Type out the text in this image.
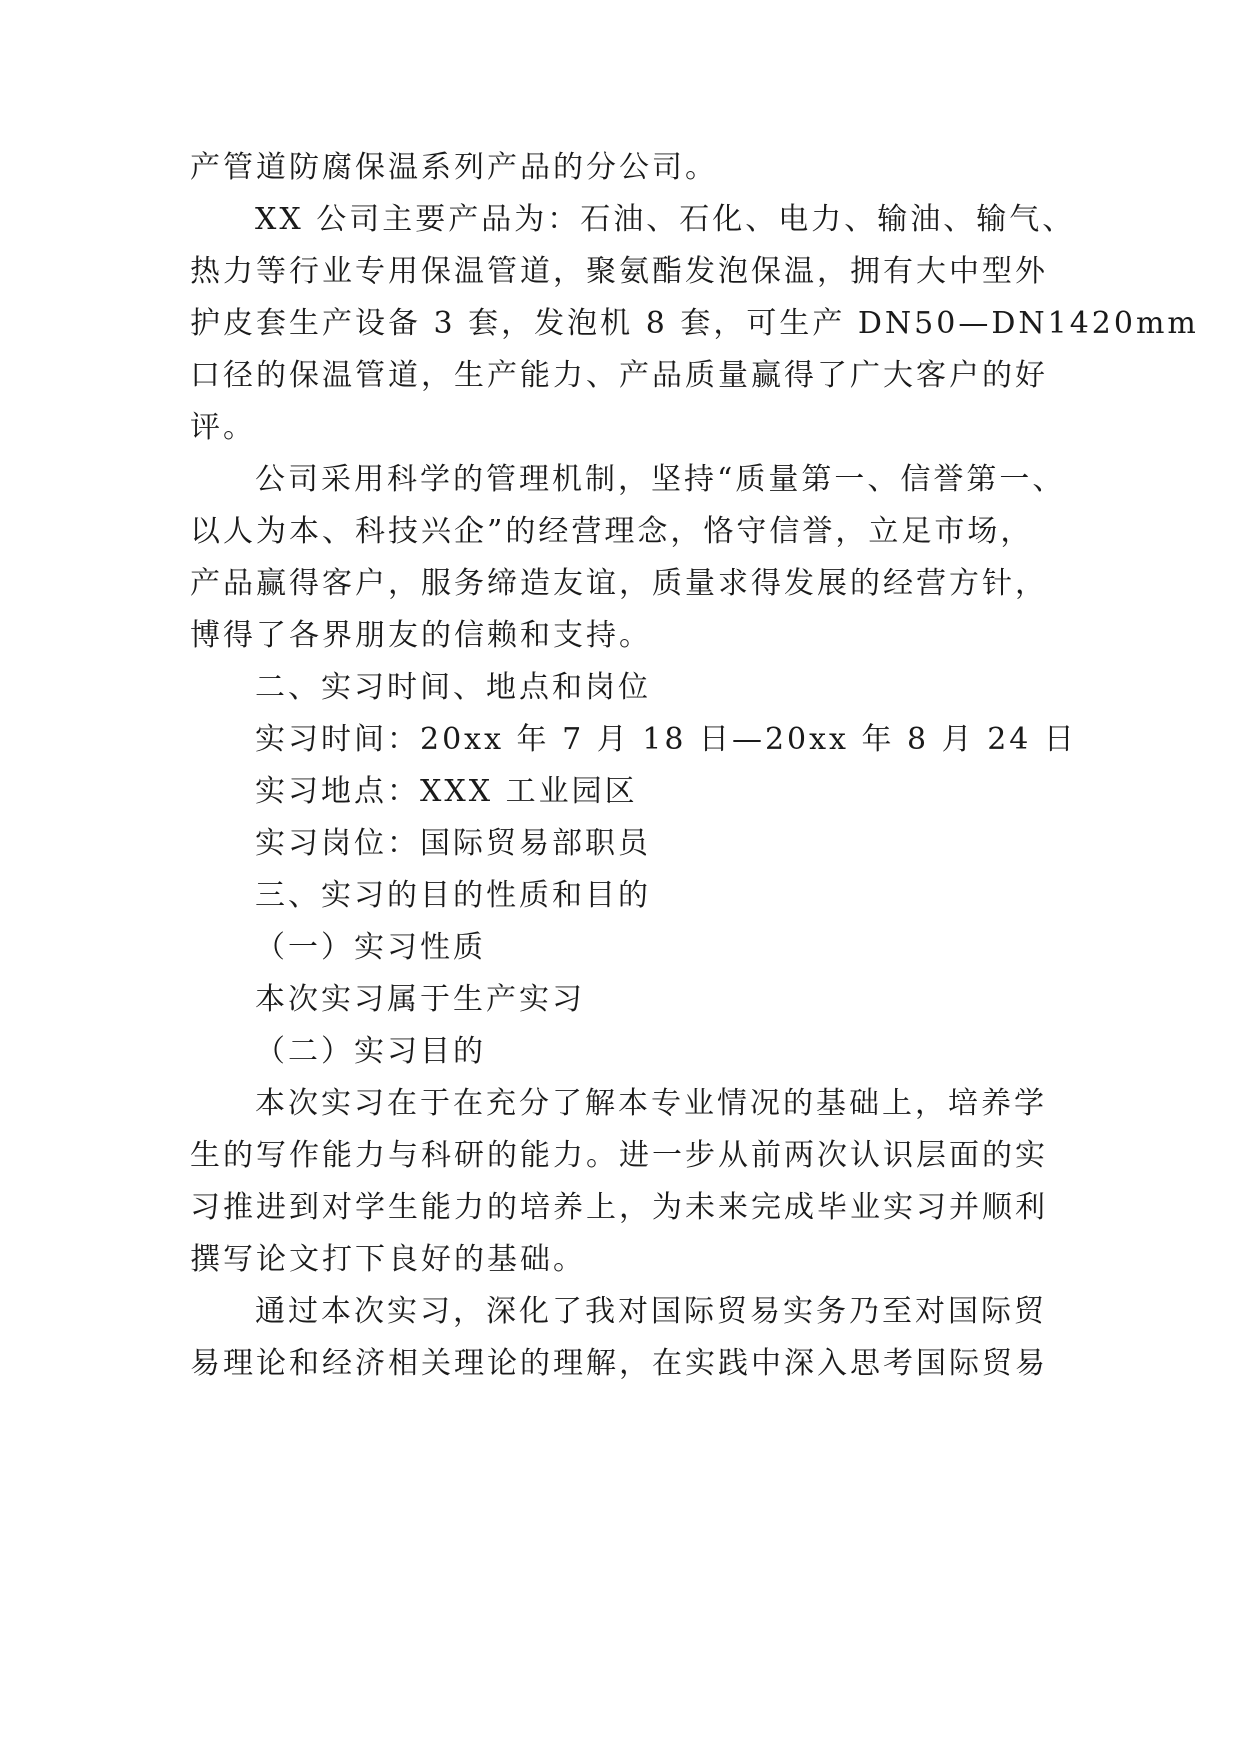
产管道防腐保温系列产品的分公司。
XX 公司主要产品为：石油、石化、电力、输油、输气、
热力等行业专用保温管道，聚氨酯发泡保温，拥有大中型外
护皮套生产设备 3 套，发泡机 8 套，可生产 DN50—DN1420mm
口径的保温管道，生产能力、产品质量赢得了广大客户的好
评。
公司采用科学的管理机制，坚持“质量第一、信誉第一、
以人为本、科技兴企”的经营理念，恪守信誉，立足市场，
产品赢得客户，服务缔造友谊，质量求得发展的经营方针，
博得了各界朋友的信赖和支持。
二、实习时间、地点和岗位
实习时间：20xx 年 7 月 18 日—20xx 年 8 月 24 日
实习地点：XXX 工业园区
实习岗位：国际贸易部职员
三、实习的目的性质和目的
（一）实习性质
本次实习属于生产实习
（二）实习目的
本次实习在于在充分了解本专业情况的基础上，培养学
生的写作能力与科研的能力。进一步从前两次认识层面的实
习推进到对学生能力的培养上，为未来完成毕业实习并顺利
撰写论文打下良好的基础。
通过本次实习，深化了我对国际贸易实务乃至对国际贸
易理论和经济相关理论的理解，在实践中深入思考国际贸易
